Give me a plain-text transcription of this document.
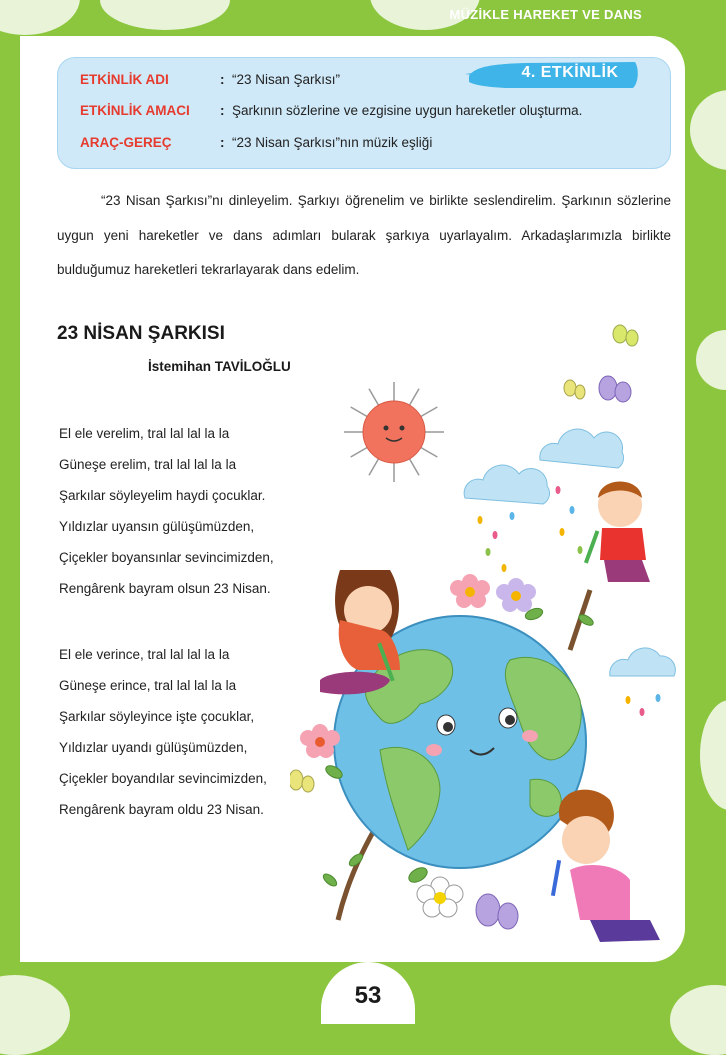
MÜZİKLE HAREKET VE DANS
ETKİNLİK ADI	: “23 Nisan Şarkısı”
ETKİNLİK AMACI : Şarkının sözlerine ve ezgisine uygun hareketler oluşturma.
ARAÇ-GEREÇ	: “23 Nisan Şarkısı”nın müzik eşliği
4. ETKİNLİK

“23 Nisan Şarkısı”nı dinleyelim. Şarkıyı öğrenelim ve birlikte seslendirelim. Şarkının sözlerine uygun yeni hareketler ve dans adımları bularak şarkıya uyarlayalım. Arkadaşlarımızla birlikte bulduğumuz hareketleri tekrarlayarak dans edelim.

23 NİSAN ŞARKISI
İstemihan TAVİLOĞLU
El ele verelim, tral lal lal la la
Güneşe erelim, tral lal lal la la
Şarkılar söyleyelim haydi çocuklar.
Yıldızlar uyansın gülüşümüzden,
Çiçekler boyansınlar sevincimizden,
Rengârenk bayram olsun 23 Nisan.
El ele verince, tral lal lal la la
Güneşe erince, tral lal lal la la
Şarkılar söyleyince işte çocuklar,
Yıldızlar uyandı gülüşümüzden,
Çiçekler boyandılar sevincimizden,
Rengârenk bayram oldu 23 Nisan.
53
